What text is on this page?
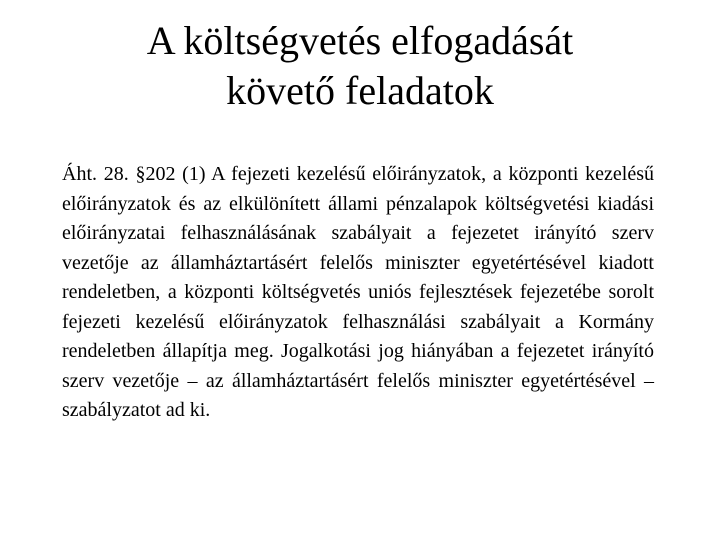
A költségvetés elfogadását
követő feladatok

Áht. 28. §202 (1) A fejezeti kezelésű előirányzatok, a központi kezelésű előirányzatok és az elkülönített állami pénzalapok költségvetési kiadási előirányzatai felhasználásának szabályait a fejezetet irányító szerv vezetője az államháztartásért felelős miniszter egyetértésével kiadott rendeletben, a központi költségvetés uniós fejlesztések fejezetébe sorolt fejezeti kezelésű előirányzatok felhasználási szabályait a Kormány rendeletben állapítja meg. Jogalkotási jog hiányában a fejezetet irányító szerv vezetője – az államháztartásért felelős miniszter egyetértésével – szabályzatot ad ki.
